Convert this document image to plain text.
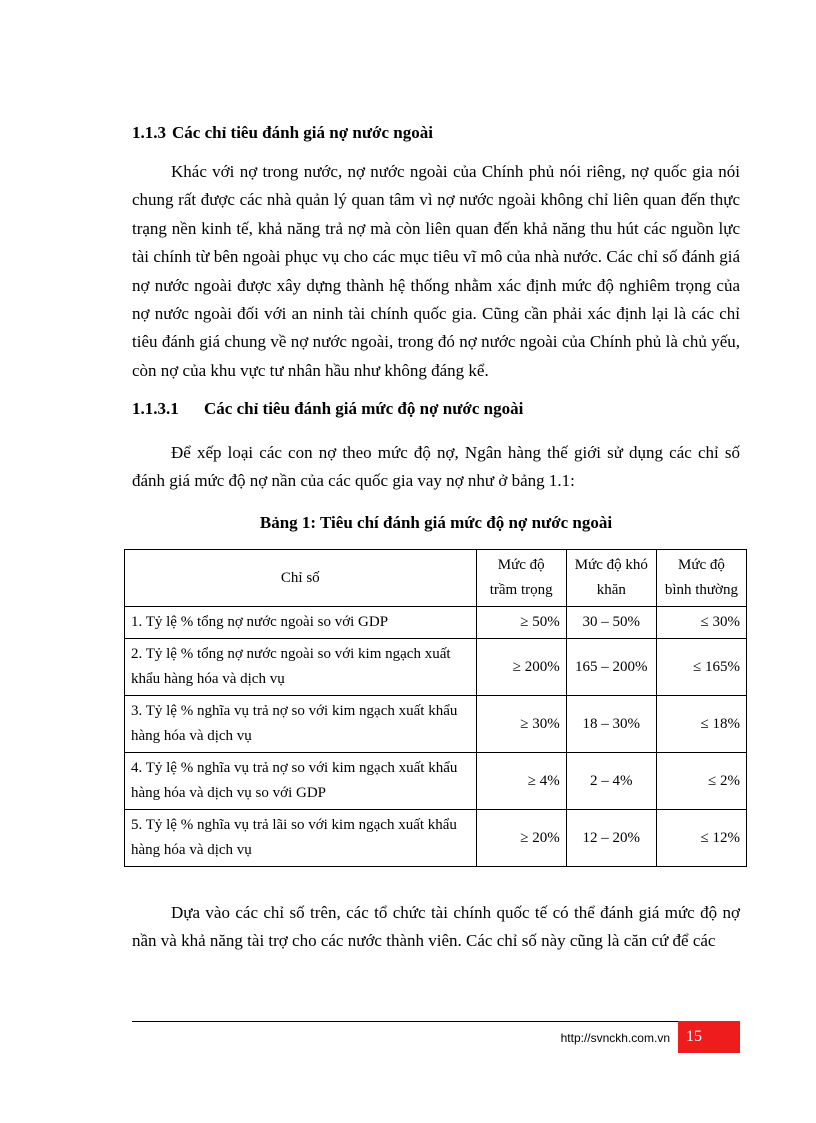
1.1.3 Các chỉ tiêu đánh giá nợ nước ngoài

Khác với nợ trong nước, nợ nước ngoài của Chính phủ nói riêng, nợ quốc gia nói chung rất được các nhà quản lý quan tâm vì nợ nước ngoài không chỉ liên quan đến thực trạng nền kinh tế, khả năng trả nợ mà còn liên quan đến khả năng thu hút các nguồn lực tài chính từ bên ngoài phục vụ cho các mục tiêu vĩ mô của nhà nước. Các chỉ số đánh giá nợ nước ngoài được xây dựng thành hệ thống nhằm xác định mức độ nghiêm trọng của nợ nước ngoài đối với an ninh tài chính quốc gia. Cũng cần phải xác định lại là các chỉ tiêu đánh giá chung về nợ nước ngoài, trong đó nợ nước ngoài của Chính phủ là chủ yếu, còn nợ của khu vực tư nhân hầu như không đáng kể.

1.1.3.1 Các chỉ tiêu đánh giá mức độ nợ nước ngoài

Để xếp loại các con nợ theo mức độ nợ, Ngân hàng thế giới sử dụng các chỉ số đánh giá mức độ nợ nần của các quốc gia vay nợ như ở bảng 1.1:

Bảng 1: Tiêu chí đánh giá mức độ nợ nước ngoài

Chỉ số	Mức độ trầm trọng	Mức độ khó khăn	Mức độ bình thường
1. Tỷ lệ % tổng nợ nước ngoài so với GDP	≥ 50%	30 – 50%	≤ 30%
2. Tỷ lệ % tổng nợ nước ngoài so với kim ngạch xuất khẩu hàng hóa và dịch vụ	≥ 200%	165 – 200%	≤ 165%
3. Tỷ lệ % nghĩa vụ trả nợ so với kim ngạch xuất khẩu hàng hóa và dịch vụ	≥ 30%	18 – 30%	≤ 18%
4. Tỷ lệ % nghĩa vụ trả nợ so với kim ngạch xuất khẩu hàng hóa và dịch vụ so với GDP	≥ 4%	2 – 4%	≤ 2%
5. Tỷ lệ % nghĩa vụ trả lãi so với kim ngạch xuất khẩu hàng hóa và dịch vụ	≥ 20%	12 – 20%	≤ 12%

Dựa vào các chỉ số trên, các tổ chức tài chính quốc tế có thể đánh giá mức độ nợ nần và khả năng tài trợ cho các nước thành viên. Các chỉ số này cũng là căn cứ để các

http://svnckh.com.vn	15
